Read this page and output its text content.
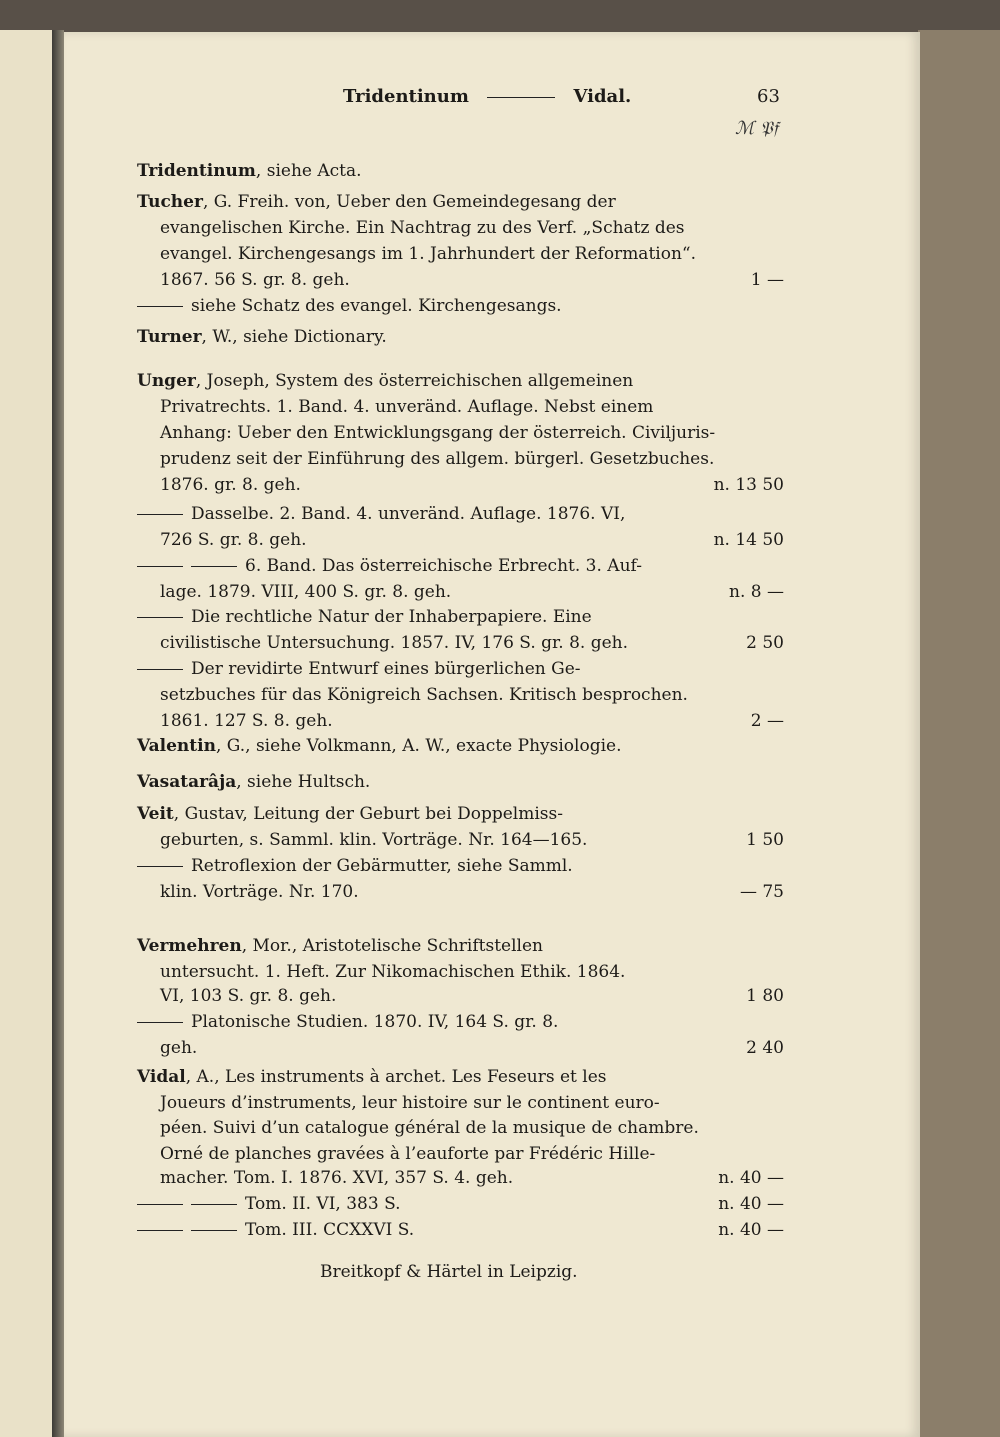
Tridentinum	Vidal.	63
ℳ 𝔓𝔣
Tridentinum, siehe Acta.
Tucher, G. Freih. von, Ueber den Gemeindegesang der
evangelischen Kirche. Ein Nachtrag zu des Verf. „Schatz des
evangel. Kirchengesangs im 1. Jahrhundert der Reformation“.
1867. 56 S. gr. 8. geh.	1 —
siehe Schatz des evangel. Kirchengesangs.
Turner, W., siehe Dictionary.
Unger, Joseph, System des österreichischen allgemeinen
Privatrechts. 1. Band. 4. unveränd. Auflage. Nebst einem
Anhang: Ueber den Entwicklungsgang der österreich. Civiljuris-
prudenz seit der Einführung des allgem. bürgerl. Gesetzbuches.
1876. gr. 8. geh.	n. 13 50
Dasselbe. 2. Band. 4. unveränd. Auflage. 1876. VI,
726 S. gr. 8. geh.	n. 14 50
6. Band. Das österreichische Erbrecht. 3. Auf-
lage. 1879. VIII, 400 S. gr. 8. geh.	n. 8 —
Die rechtliche Natur der Inhaberpapiere. Eine
civilistische Untersuchung. 1857. IV, 176 S. gr. 8. geh.	2 50
Der revidirte Entwurf eines bürgerlichen Ge-
setzbuches für das Königreich Sachsen. Kritisch besprochen.
1861. 127 S. 8. geh.	2 —
Valentin, G., siehe Volkmann, A. W., exacte Physiologie.
Vasatarâja, siehe Hultsch.
Veit, Gustav, Leitung der Geburt bei Doppelmiss-
geburten, s. Samml. klin. Vorträge. Nr. 164—165.	1 50
Retroflexion der Gebärmutter, siehe Samml.
klin. Vorträge. Nr. 170.	— 75
Vermehren, Mor., Aristotelische Schriftstellen
untersucht. 1. Heft. Zur Nikomachischen Ethik. 1864.
VI, 103 S. gr. 8. geh.	1 80
Platonische Studien. 1870. IV, 164 S. gr. 8.
geh.	2 40
Vidal, A., Les instruments à archet. Les Feseurs et les
Joueurs d’instruments, leur histoire sur le continent euro-
péen. Suivi d’un catalogue général de la musique de chambre.
Orné de planches gravées à l’eauforte par Frédéric Hille-
macher. Tom. I. 1876. XVI, 357 S. 4. geh.	n. 40 —
Tom. II. VI, 383 S.	n. 40 —
Tom. III. CCXXVI S.	n. 40 —
Breitkopf & Härtel in Leipzig.
